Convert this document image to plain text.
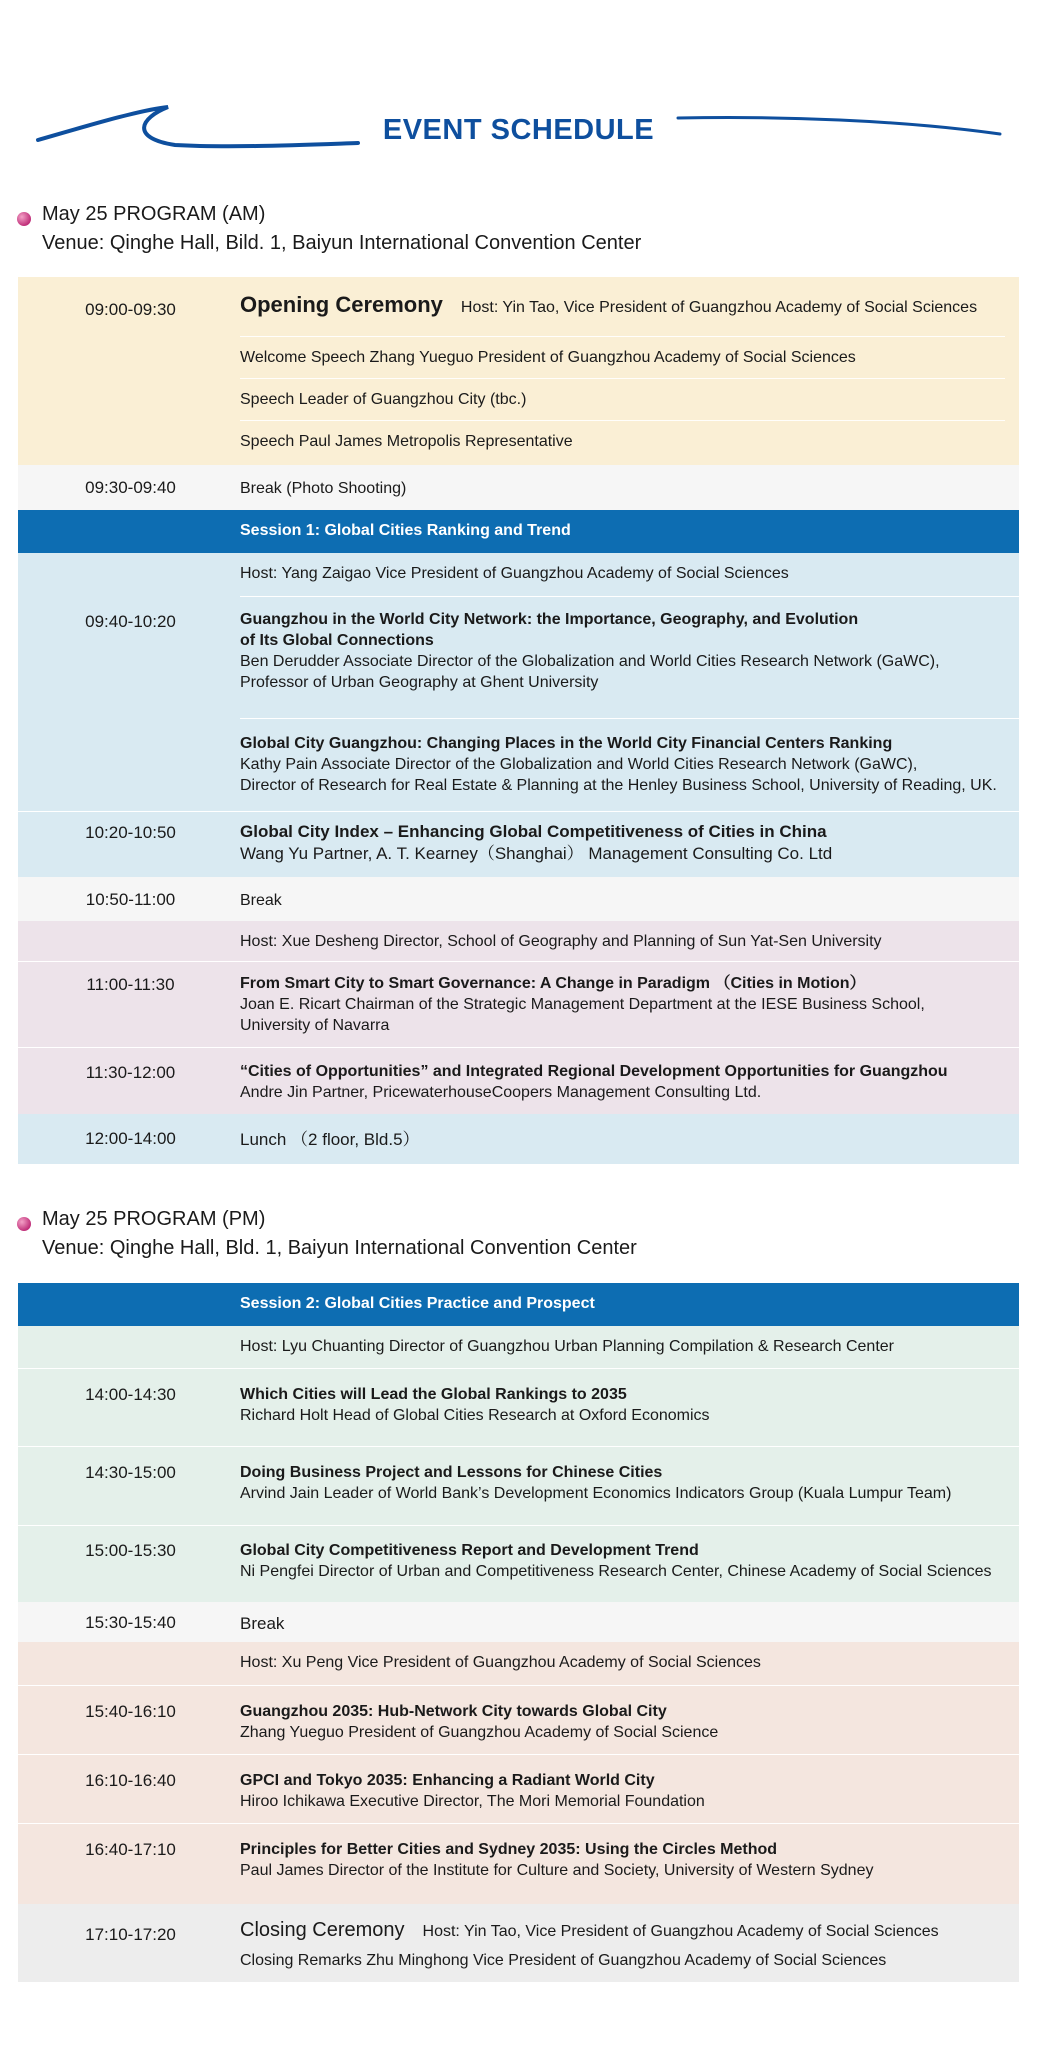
EVENT SCHEDULE
May 25 PROGRAM (AM)
Venue: Qinghe Hall, Bild. 1, Baiyun International Convention Center
09:00-09:30	Opening Ceremony Host: Yin Tao, Vice President of Guangzhou Academy of Social Sciences
Welcome Speech Zhang Yueguo President of Guangzhou Academy of Social Sciences
Speech Leader of Guangzhou City (tbc.)
Speech Paul James Metropolis Representative
09:30-09:40	Break (Photo Shooting)
Session 1: Global Cities Ranking and Trend
Host: Yang Zaigao Vice President of Guangzhou Academy of Social Sciences
09:40-10:20	Guangzhou in the World City Network: the Importance, Geography, and Evolution
of Its Global Connections
Ben Derudder Associate Director of the Globalization and World Cities Research Network (GaWC),
Professor of Urban Geography at Ghent University
Global City Guangzhou: Changing Places in the World City Financial Centers Ranking
Kathy Pain Associate Director of the Globalization and World Cities Research Network (GaWC),
Director of Research for Real Estate & Planning at the Henley Business School, University of Reading, UK.
10:20-10:50	Global City Index – Enhancing Global Competitiveness of Cities in China
Wang Yu Partner, A. T. Kearney（Shanghai） Management Consulting Co. Ltd
10:50-11:00	Break
Host: Xue Desheng Director, School of Geography and Planning of Sun Yat-Sen University
11:00-11:30	From Smart City to Smart Governance: A Change in Paradigm （Cities in Motion）
Joan E. Ricart Chairman of the Strategic Management Department at the IESE Business School,
University of Navarra
11:30-12:00	“Cities of Opportunities” and Integrated Regional Development Opportunities for Guangzhou
Andre Jin Partner, PricewaterhouseCoopers Management Consulting Ltd.
12:00-14:00	Lunch （2 floor, Bld.5）
May 25 PROGRAM (PM)
Venue: Qinghe Hall, Bld. 1, Baiyun International Convention Center
Session 2: Global Cities Practice and Prospect
Host: Lyu Chuanting Director of Guangzhou Urban Planning Compilation & Research Center
14:00-14:30	Which Cities will Lead the Global Rankings to 2035
Richard Holt Head of Global Cities Research at Oxford Economics
14:30-15:00	Doing Business Project and Lessons for Chinese Cities
Arvind Jain Leader of World Bank’s Development Economics Indicators Group (Kuala Lumpur Team)
15:00-15:30	Global City Competitiveness Report and Development Trend
Ni Pengfei Director of Urban and Competitiveness Research Center, Chinese Academy of Social Sciences
15:30-15:40	Break
Host: Xu Peng Vice President of Guangzhou Academy of Social Sciences
15:40-16:10	Guangzhou 2035: Hub-Network City towards Global City
Zhang Yueguo President of Guangzhou Academy of Social Science
16:10-16:40	GPCI and Tokyo 2035: Enhancing a Radiant World City
Hiroo Ichikawa Executive Director, The Mori Memorial Foundation
16:40-17:10	Principles for Better Cities and Sydney 2035: Using the Circles Method
Paul James Director of the Institute for Culture and Society, University of Western Sydney
17:10-17:20	Closing Ceremony Host: Yin Tao, Vice President of Guangzhou Academy of Social Sciences
Closing Remarks Zhu Minghong Vice President of Guangzhou Academy of Social Sciences
